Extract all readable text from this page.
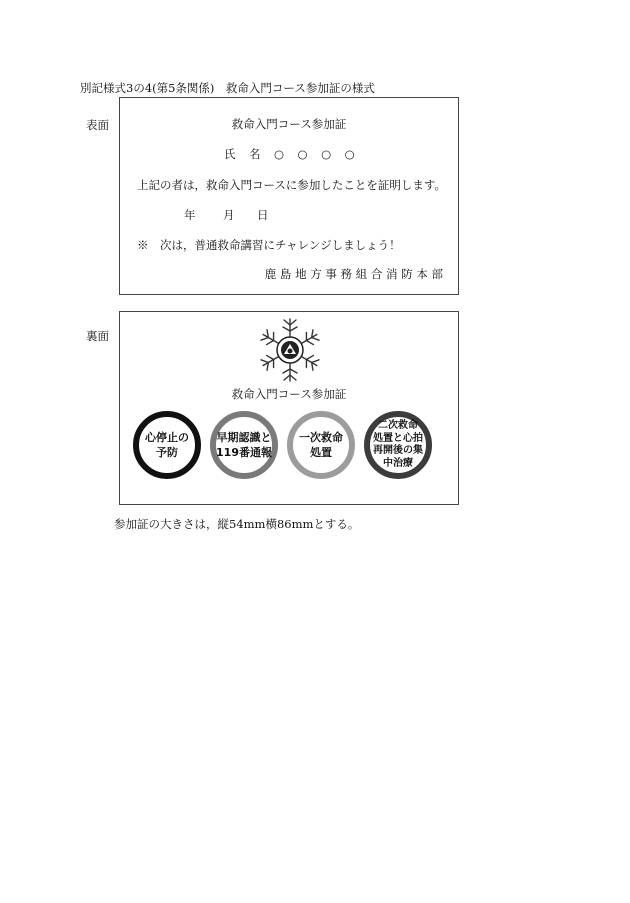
別記様式3の4(第5条関係)　救命入門コース参加証の様式
表面	救命入門コース参加証
氏　名　○　○　○　○
上記の者は，救命入門コースに参加したことを証明します。
年 月 日
※　次は，普通救命講習にチャレンジしましょう！
鹿 島 地 方 事 務 組 合 消 防 本 部
裏面
救命入門コース参加証
心停止の
予防
早期認識と
119番通報
一次救命
処置
二次救命
処置と心拍
再開後の集
中治療
参加証の大きさは，縦54mm横86mmとする。
